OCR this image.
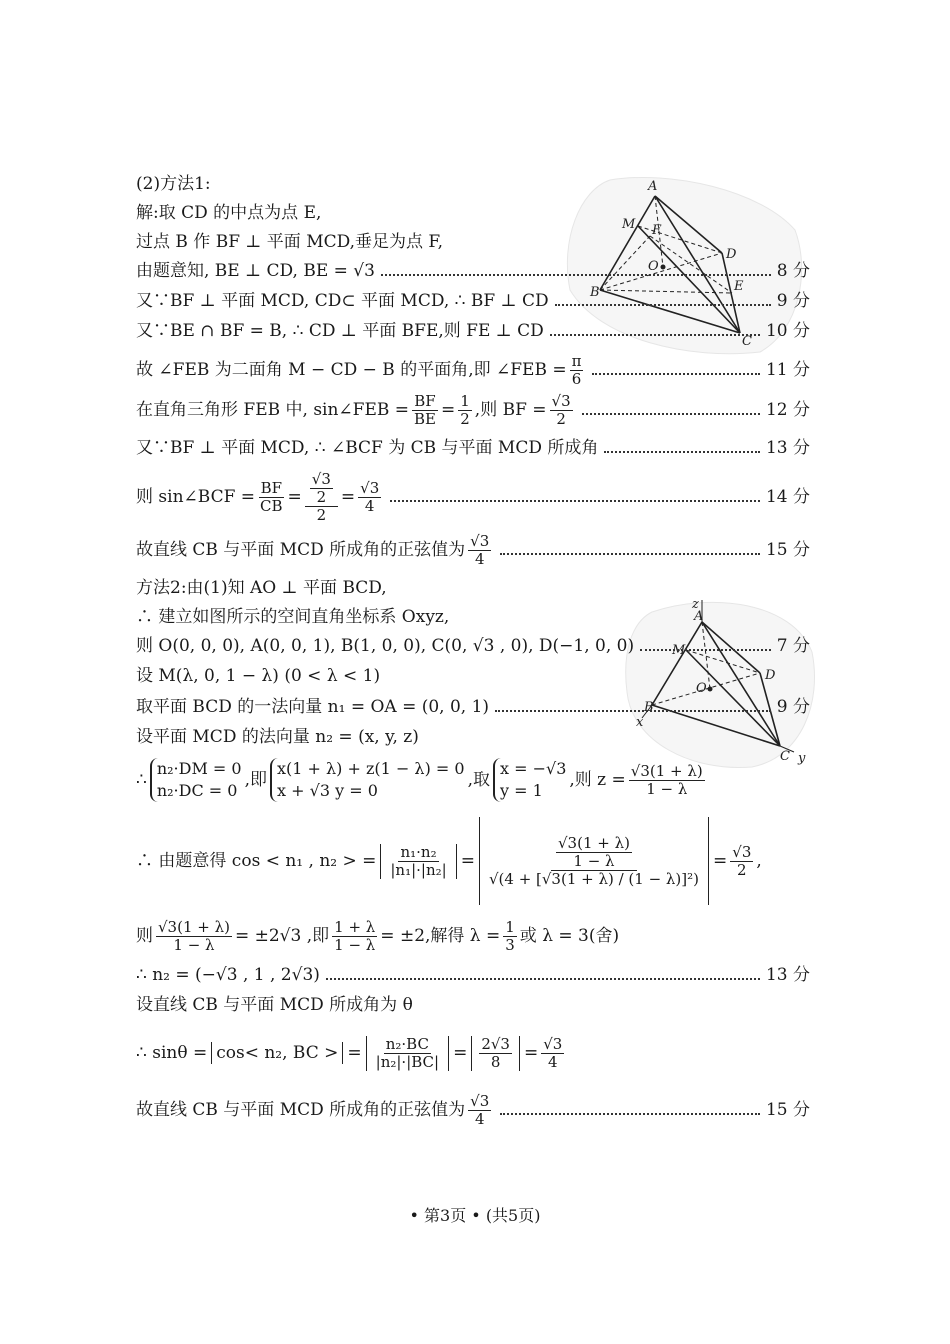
A
M F
O
D
B	E
C
z
A
M
O
D
B
x
C y
(2)方法1:
解:取 CD 的中点为点 E,
过点 B 作 BF ⊥ 平面 MCD,垂足为点 F,
由题意知, BE ⊥ CD, BE = √3	8 分
又∵BF ⊥ 平面 MCD, CD⊂ 平面 MCD, ∴ BF ⊥ CD	9 分
又∵BE ∩ BF = B, ∴ CD ⊥ 平面 BFE,则 FE ⊥ CD	10 分
故 ∠FEB 为二面角 M − CD − B 的平面角,即 ∠FEB = $\frac{\pi}{6}$	11 分
在直角三角形 FEB 中, sin∠FEB = $\frac{BF}{BE} = \frac{1}{2}$ ,则 BF = $\frac{√3}{2}$	12 分
又∵BF ⊥ 平面 MCD, ∴ ∠BCF 为 CB 与平面 MCD 所成角	13 分
则 sin∠BCF = $\frac{BF}{CB} = \frac{\frac{√3}{2}}{2} = \frac{√3}{4}$	14 分
故直线 CB 与平面 MCD 所成角的正弦值为 $\frac{√3}{4}$	15 分
方法2:由(1)知 AO ⊥ 平面 BCD,
∴ 建立如图所示的空间直角坐标系 Oxyz,
则 O(0, 0, 0), A(0, 0, 1), B(1, 0, 0), C(0, √3 , 0), D(−1, 0, 0)	7 分
设 M(λ, 0, 1 − λ) (0 < λ < 1)
取平面 BCD 的一法向量 n₁ = OA = (0, 0, 1)	9 分
设平面 MCD 的法向量 n₂ = (x, y, z)
∴
n₂·DM = 0
n₂·DC = 0
,即
x(1 + λ) + z(1 − λ) = 0
x + √3 y = 0
,取
x = −√3
y = 1
,则 $z = \frac{√3(1 + \lambda)}{1 - \lambda}$
∴ 由题意得 cos < n₁ , n₂ > = $\frac{\text{n₁·n₂}}{\text{|n₁|·|n₂|}} = \frac{\frac{√3(1 + \lambda)}{1 - \lambda}}{\text{√(4 + [√3(1 + λ) / (1 − λ)]²)}} = \frac{√3}{2}$ ,
则 $\frac{√3(1 + \lambda)}{1 - \lambda} = \pm 2√3$ ,即 $\frac{1 + \lambda}{1 - \lambda} = \pm 2$,解得 $\lambda = \frac{1}{3}$ 或 λ = 3(舍)
∴ n₂ = (−√3 , 1 , 2√3)	13 分
设直线 CB 与平面 MCD 所成角为 θ
∴ sinθ = cos< n₂, BC > = $\frac{\text{n₂·BC}}{\text{|n₂|·|BC|}} = \frac{2√3}{8} = \frac{√3}{4}$
故直线 CB 与平面 MCD 所成角的正弦值为 $\frac{√3}{4}$	15 分
• 第3页 • (共5页)
